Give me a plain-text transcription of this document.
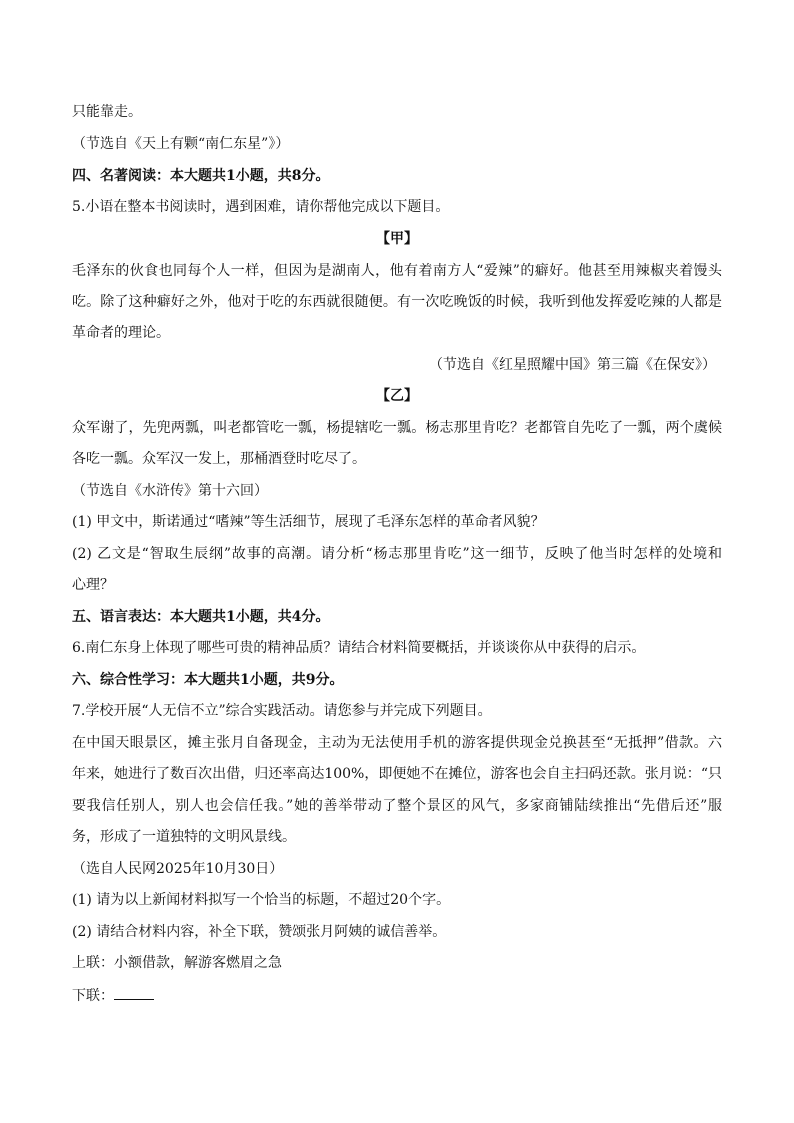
只能靠走。
（节选自《天上有颗“南仁东星”》）
四、名著阅读：本大题共1小题，共8分。
5.小语在整本书阅读时，遇到困难，请你帮他完成以下题目。
【甲】
毛泽东的伙食也同每个人一样，但因为是湖南人，他有着南方人“爱辣”的癖好。他甚至用辣椒夹着馒头
吃。除了这种癖好之外，他对于吃的东西就很随便。有一次吃晚饭的时候，我听到他发挥爱吃辣的人都是
革命者的理论。
（节选自《红星照耀中国》第三篇《在保安》）
【乙】
众军谢了，先兜两瓢，叫老都管吃一瓢，杨提辖吃一瓢。杨志那里肯吃？老都管自先吃了一瓢，两个虞候
各吃一瓢。众军汉一发上，那桶酒登时吃尽了。
（节选自《水浒传》第十六回）
(1) 甲文中，斯诺通过“嗜辣”等生活细节，展现了毛泽东怎样的革命者风貌？
(2) 乙文是“智取生辰纲”故事的高潮。请分析“杨志那里肯吃”这一细节，反映了他当时怎样的处境和
心理？
五、语言表达：本大题共1小题，共4分。
6.南仁东身上体现了哪些可贵的精神品质？请结合材料简要概括，并谈谈你从中获得的启示。
六、综合性学习：本大题共1小题，共9分。
7.学校开展“人无信不立”综合实践活动。请您参与并完成下列题目。
在中国天眼景区，摊主张月自备现金，主动为无法使用手机的游客提供现金兑换甚至“无抵押”借款。六
年来，她进行了数百次出借，归还率高达100%，即便她不在摊位，游客也会自主扫码还款。张月说：“只
要我信任别人，别人也会信任我。”她的善举带动了整个景区的风气，多家商铺陆续推出“先借后还”服
务，形成了一道独特的文明风景线。
（选自人民网2025年10月30日）
(1) 请为以上新闻材料拟写一个恰当的标题，不超过20个字。
(2) 请结合材料内容，补全下联，赞颂张月阿姨的诚信善举。
上联：小额借款，解游客燃眉之急
下联：
